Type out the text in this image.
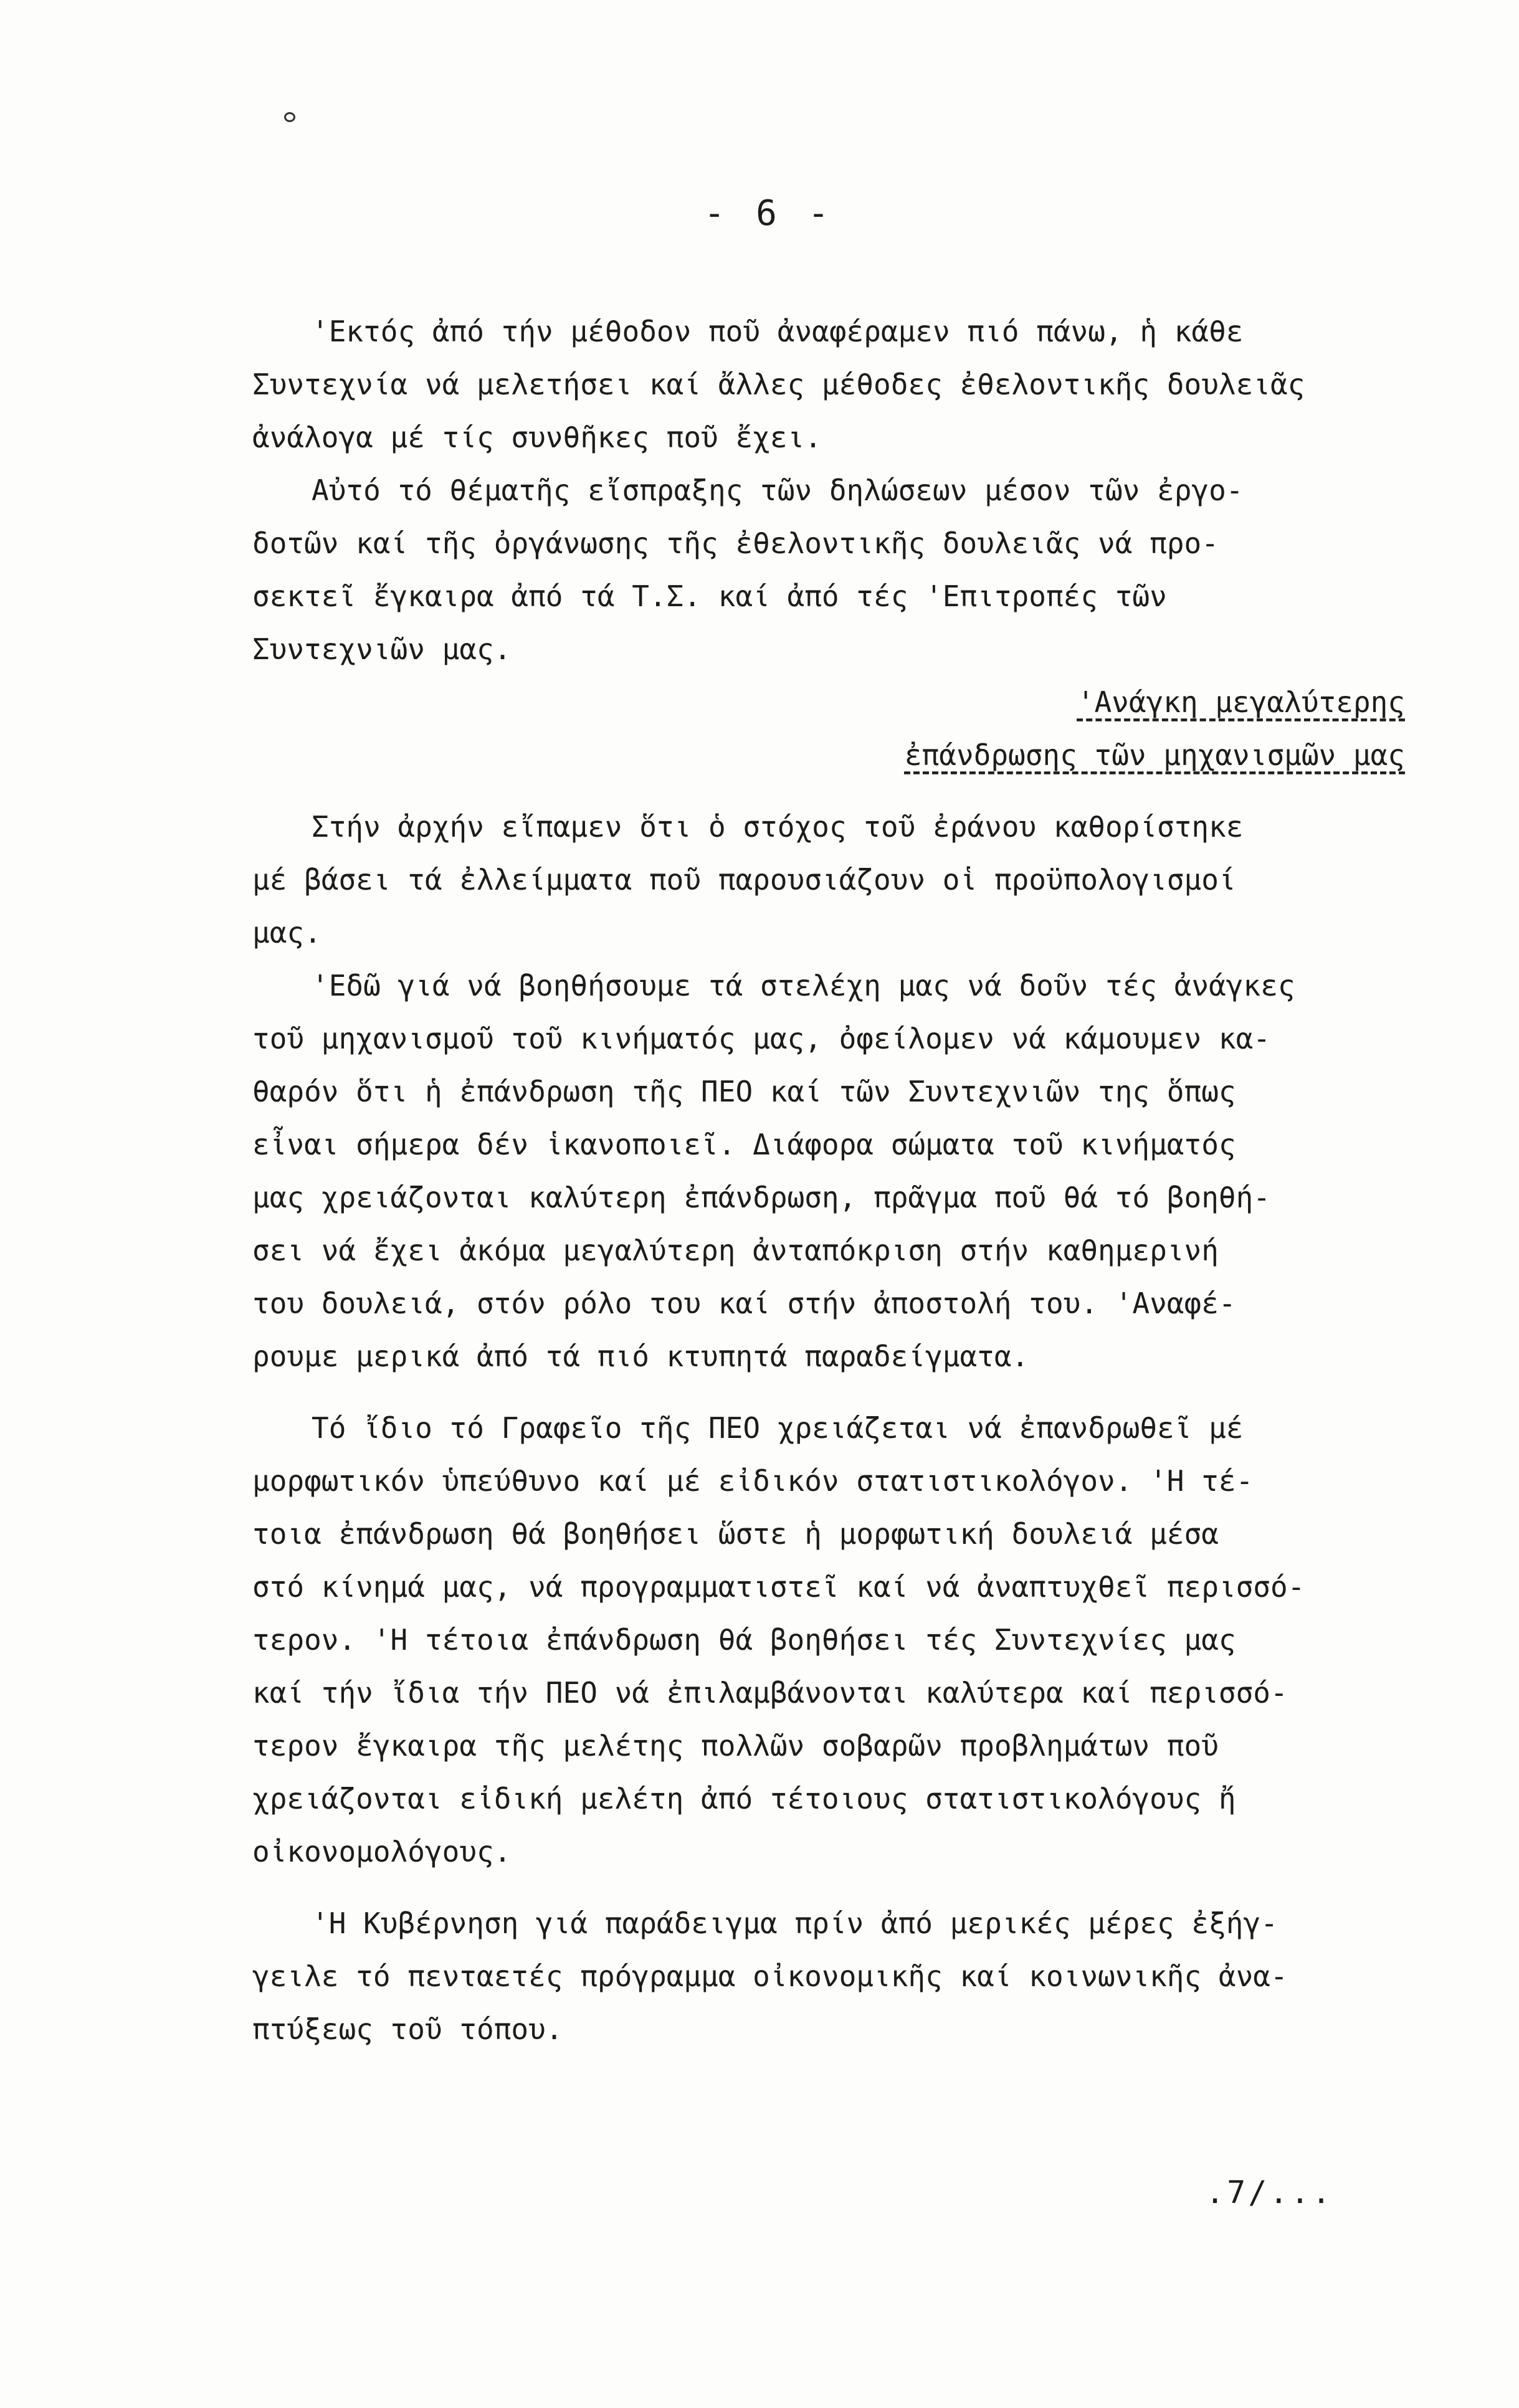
- 6 -
'Εκτός ἀπό τήν μέθοδον ποῦ ἀναφέραμεν πιό πάνω, ἡ κάθε
Συντεχνία νά μελετήσει καί ἄλλες μέθοδες ἐθελοντικῆς δουλειᾶς
ἀνάλογα μέ τίς συνθῆκες ποῦ ἔχει.
Αὐτό τό θέματῆς εἴσπραξης τῶν δηλώσεων μέσον τῶν ἐργο-
δοτῶν καί τῆς ὀργάνωσης τῆς ἐθελοντικῆς δουλειᾶς νά προ-
σεκτεῖ ἔγκαιρα ἀπό τά Τ.Σ. καί ἀπό τές 'Επιτροπές τῶν
Συντεχνιῶν μας.
'Ανάγκη μεγαλύτερης
ἐπάνδρωσης τῶν μηχανισμῶν μας
Στήν ἀρχήν εἴπαμεν ὅτι ὁ στόχος τοῦ ἐράνου καθορίστηκε
μέ βάσει τά ἐλλείμματα ποῦ παρουσιάζουν οἱ προϋπολογισμοί
μας.
'Εδῶ γιά νά βοηθήσουμε τά στελέχη μας νά δοῦν τές ἀνάγκες
τοῦ μηχανισμοῦ τοῦ κινήματός μας, ὀφείλομεν νά κάμουμεν κα-
θαρόν ὅτι ἡ ἐπάνδρωση τῆς ΠΕΟ καί τῶν Συντεχνιῶν της ὅπως
εἶναι σήμερα δέν ἱκανοποιεῖ. Διάφορα σώματα τοῦ κινήματός
μας χρειάζονται καλύτερη ἐπάνδρωση, πρᾶγμα ποῦ θά τό βοηθή-
σει νά ἔχει ἀκόμα μεγαλύτερη ἀνταπόκριση στήν καθημερινή
του δουλειά, στόν ρόλο του καί στήν ἀποστολή του. 'Αναφέ-
ρουμε μερικά ἀπό τά πιό κτυπητά παραδείγματα.
Τό ἴδιο τό Γραφεῖο τῆς ΠΕΟ χρειάζεται νά ἐπανδρωθεῖ μέ
μορφωτικόν ὑπεύθυνο καί μέ εἰδικόν στατιστικολόγον. 'Η τέ-
τοια ἐπάνδρωση θά βοηθήσει ὥστε ἡ μορφωτική δουλειά μέσα
στό κίνημά μας, νά προγραμματιστεῖ καί νά ἀναπτυχθεῖ περισσό-
τερον. 'Η τέτοια ἐπάνδρωση θά βοηθήσει τές Συντεχνίες μας
καί τήν ἴδια τήν ΠΕΟ νά ἐπιλαμβάνονται καλύτερα καί περισσό-
τερον ἔγκαιρα τῆς μελέτης πολλῶν σοβαρῶν προβλημάτων ποῦ
χρειάζονται εἰδική μελέτη ἀπό τέτοιους στατιστικολόγους ἤ
οἰκονομολόγους.
'Η Κυβέρνηση γιά παράδειγμα πρίν ἀπό μερικές μέρες ἐξήγ-
γειλε τό πενταετές πρόγραμμα οἰκονομικῆς καί κοινωνικῆς ἀνα-
πτύξεως τοῦ τόπου.
.7/...
